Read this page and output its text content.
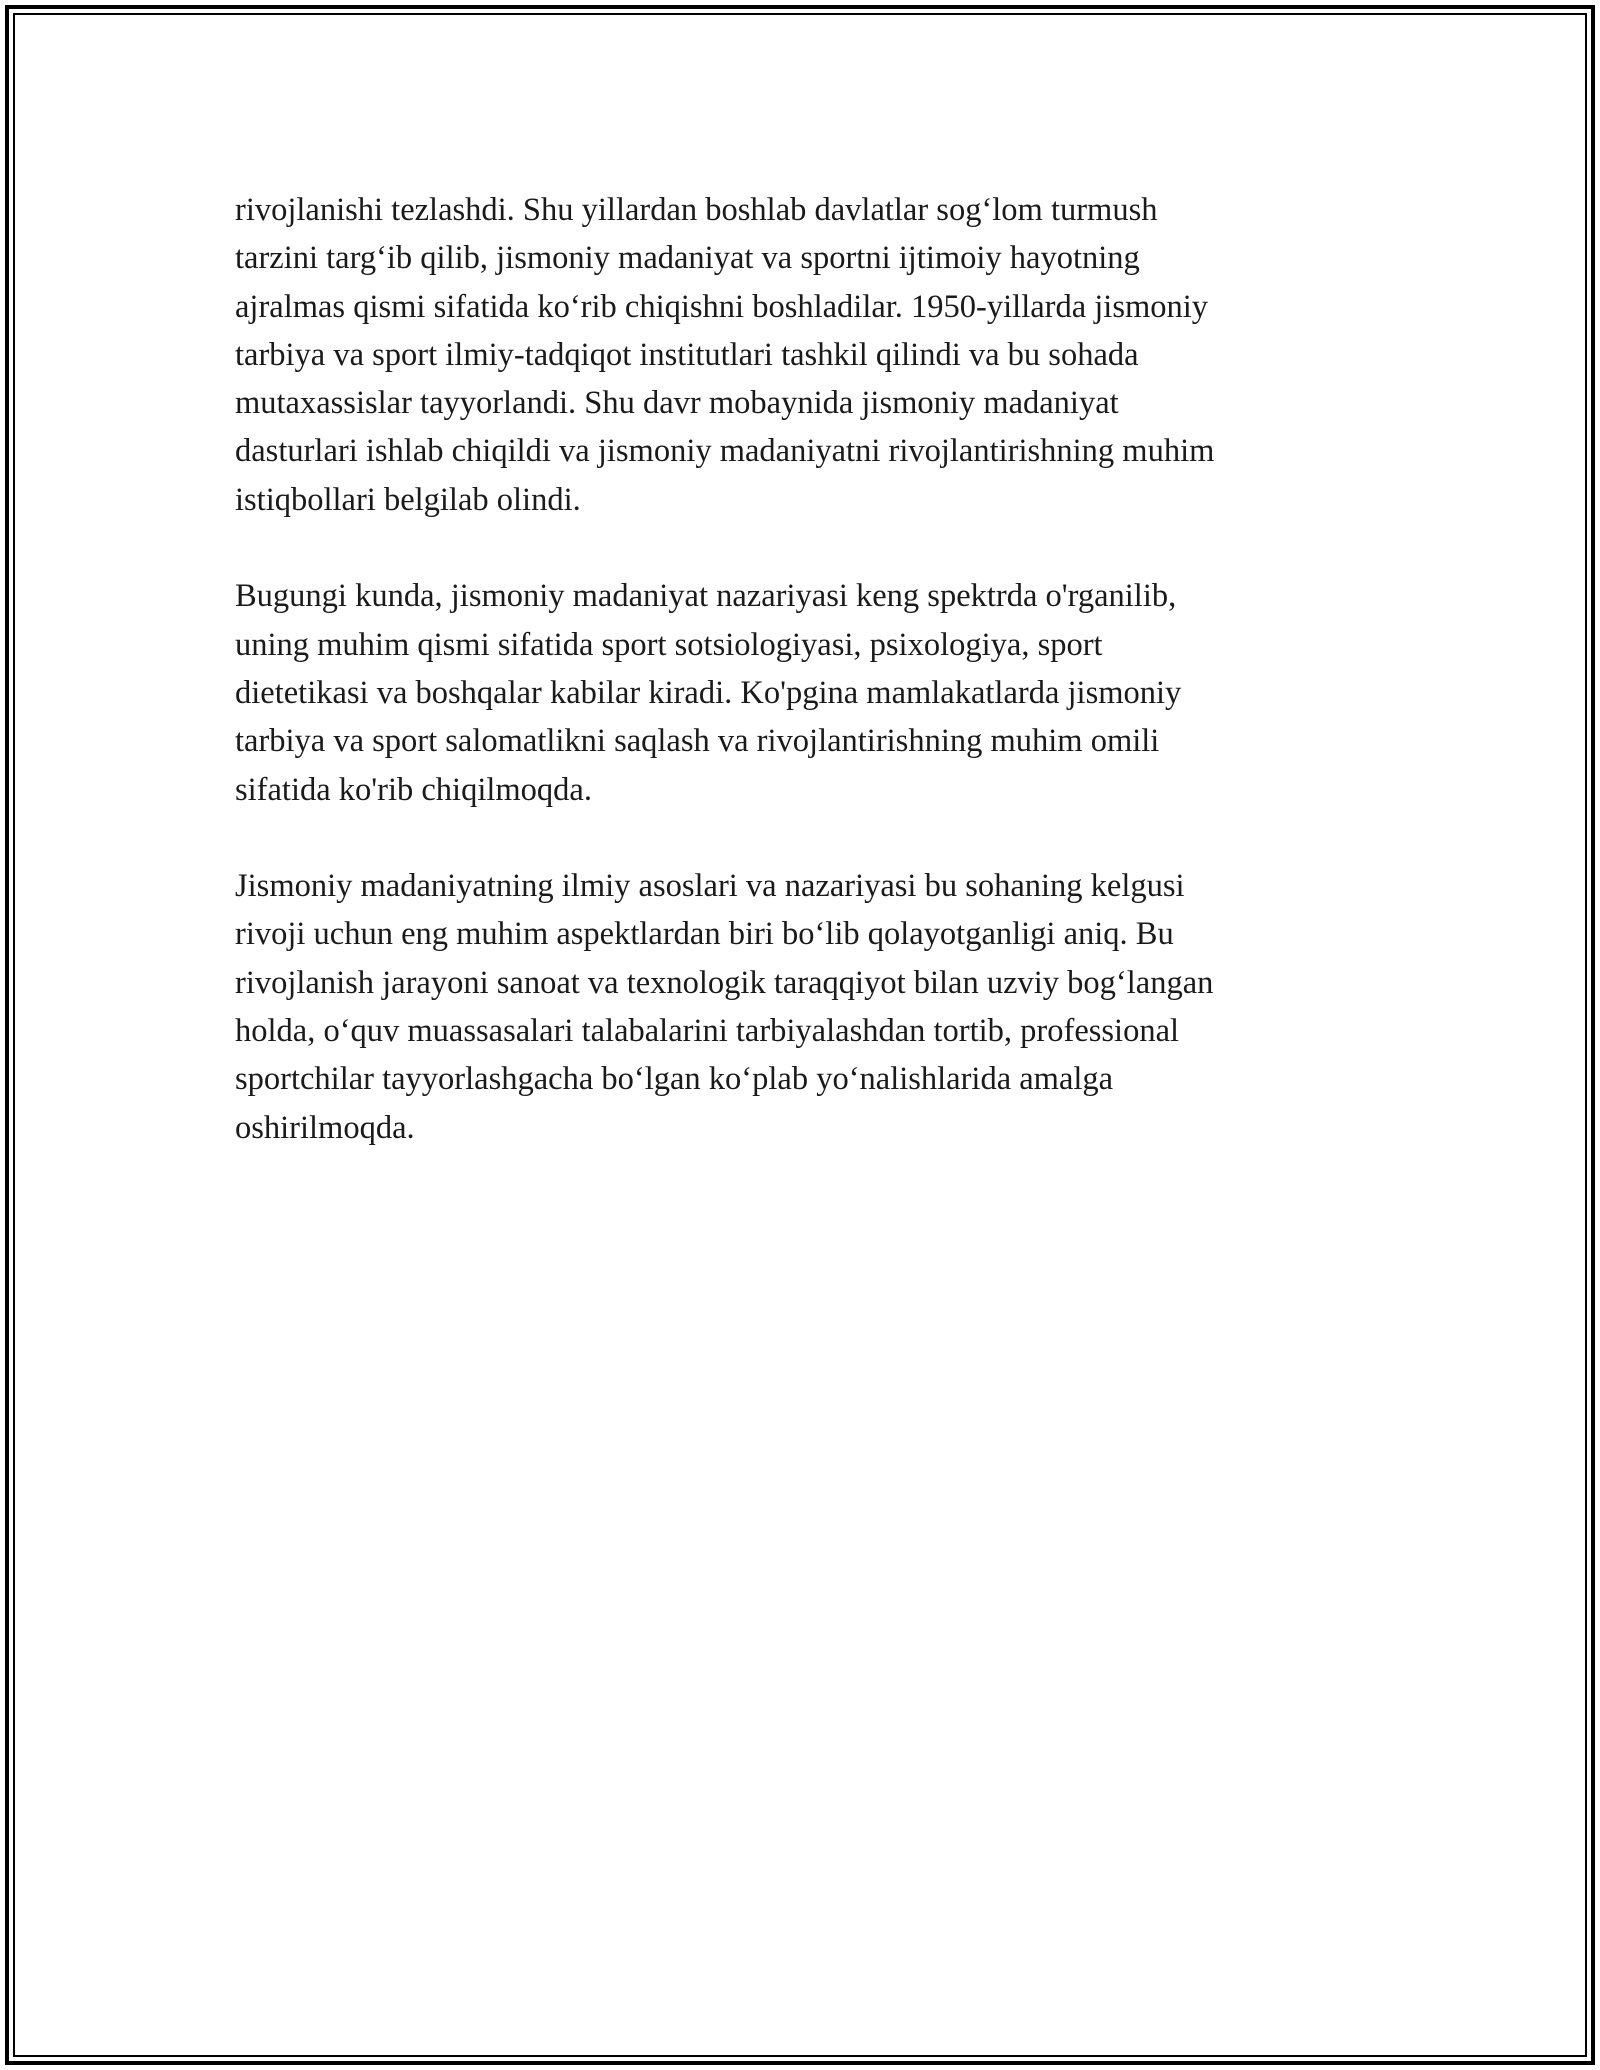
rivojlanishi tezlashdi. Shu yillardan boshlab davlatlar sog‘lom turmush
tarzini targ‘ib qilib, jismoniy madaniyat va sportni ijtimoiy hayotning
ajralmas qismi sifatida ko‘rib chiqishni boshladilar. 1950-yillarda jismoniy
tarbiya va sport ilmiy-tadqiqot institutlari tashkil qilindi va bu sohada
mutaxassislar tayyorlandi. Shu davr mobaynida jismoniy madaniyat
dasturlari ishlab chiqildi va jismoniy madaniyatni rivojlantirishning muhim
istiqbollari belgilab olindi.

Bugungi kunda, jismoniy madaniyat nazariyasi keng spektrda o'rganilib,
uning muhim qismi sifatida sport sotsiologiyasi, psixologiya, sport
dietetikasi va boshqalar kabilar kiradi. Ko'pgina mamlakatlarda jismoniy
tarbiya va sport salomatlikni saqlash va rivojlantirishning muhim omili
sifatida ko'rib chiqilmoqda.

Jismoniy madaniyatning ilmiy asoslari va nazariyasi bu sohaning kelgusi
rivoji uchun eng muhim aspektlardan biri bo‘lib qolayotganligi aniq. Bu
rivojlanish jarayoni sanoat va texnologik taraqqiyot bilan uzviy bog‘langan
holda, o‘quv muassasalari talabalarini tarbiyalashdan tortib, professional
sportchilar tayyorlashgacha bo‘lgan ko‘plab yo‘nalishlarida amalga
oshirilmoqda.
